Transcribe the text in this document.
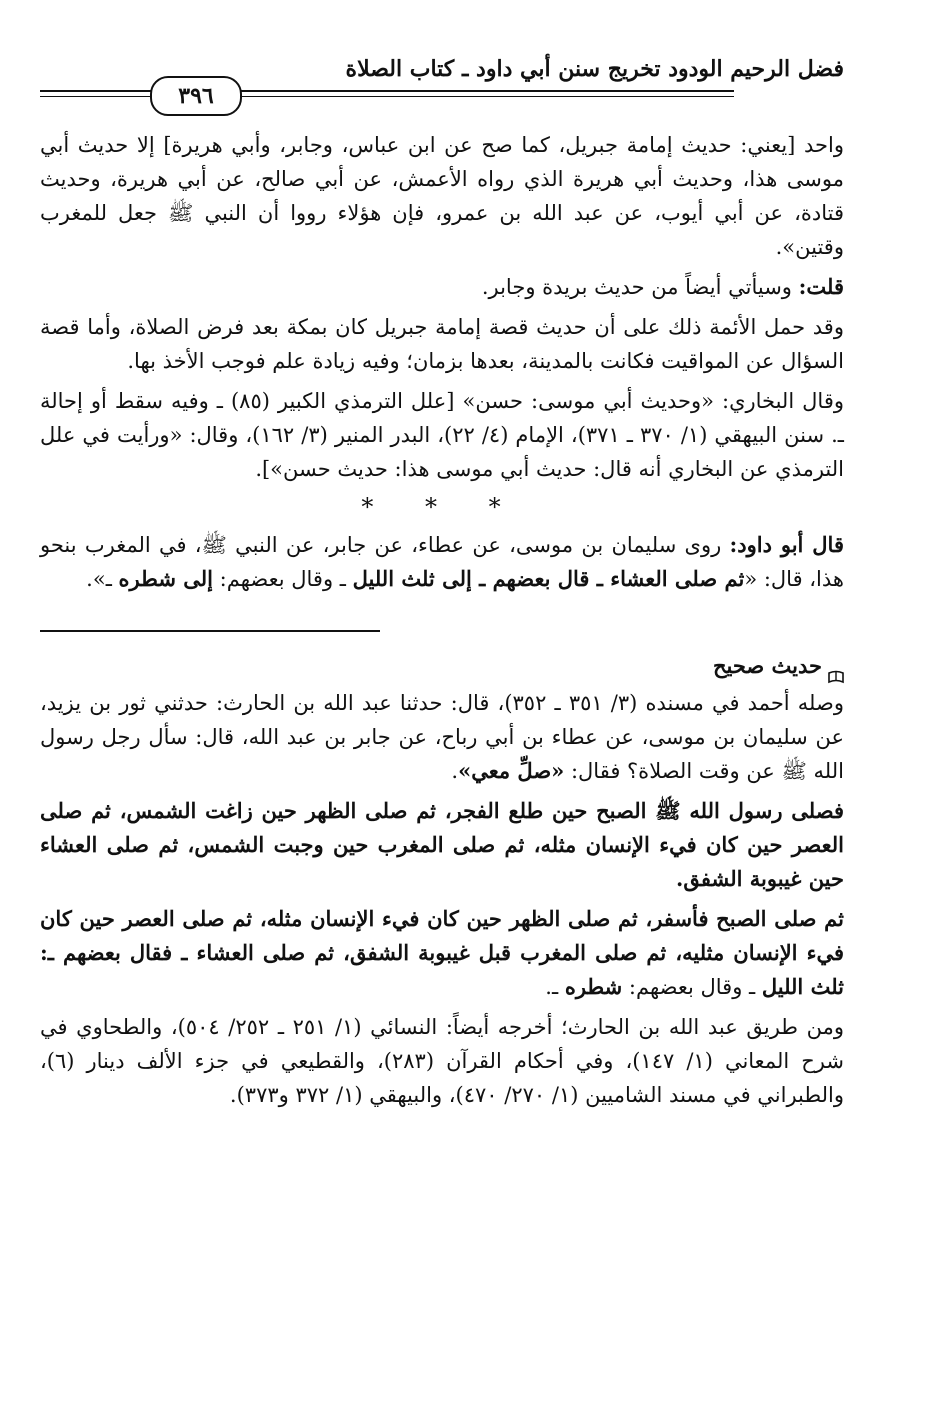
فضل الرحيم الودود تخريج سنن أبي داود ـ كتاب الصلاة
٣٩٦

واحد [يعني: حديث إمامة جبريل، كما صح عن ابن عباس، وجابر، وأبي هريرة] إلا حديث أبي موسى هذا، وحديث أبي هريرة الذي رواه الأعمش، عن أبي صالح، عن أبي هريرة، وحديث قتادة، عن أبي أيوب، عن عبد الله بن عمرو، فإن هؤلاء رووا أن النبي ﷺ جعل للمغرب وقتين».

قلت: وسيأتي أيضاً من حديث بريدة وجابر.

وقد حمل الأئمة ذلك على أن حديث قصة إمامة جبريل كان بمكة بعد فرض الصلاة، وأما قصة السؤال عن المواقيت فكانت بالمدينة، بعدها بزمان؛ وفيه زيادة علم فوجب الأخذ بها.

وقال البخاري: «وحديث أبي موسى: حسن» [علل الترمذي الكبير (٨٥) ـ وفيه سقط أو إحالة ـ. سنن البيهقي (١/ ٣٧٠ ـ ٣٧١)، الإمام (٤/ ٢٢)، البدر المنير (٣/ ١٦٢)، وقال: «ورأيت في علل الترمذي عن البخاري أنه قال: حديث أبي موسى هذا: حديث حسن»].

* * *

قال أبو داود: روى سليمان بن موسى، عن عطاء، عن جابر، عن النبي ﷺ، في المغرب بنحو هذا، قال: «ثم صلى العشاء ـ قال بعضهم ـ إلى ثلث الليل ـ وقال بعضهم: إلى شطره ـ».

حديث صحيح

وصله أحمد في مسنده (٣/ ٣٥١ ـ ٣٥٢)، قال: حدثنا عبد الله بن الحارث: حدثني ثور بن يزيد، عن سليمان بن موسى، عن عطاء بن أبي رباح، عن جابر بن عبد الله، قال: سأل رجل رسول الله ﷺ عن وقت الصلاة؟ فقال: «صلِّ معي».

فصلى رسول الله ﷺ الصبح حين طلع الفجر، ثم صلى الظهر حين زاغت الشمس، ثم صلى العصر حين كان فيء الإنسان مثله، ثم صلى المغرب حين وجبت الشمس، ثم صلى العشاء حين غيبوبة الشفق.

ثم صلى الصبح فأسفر، ثم صلى الظهر حين كان فيء الإنسان مثله، ثم صلى العصر حين كان فيء الإنسان مثليه، ثم صلى المغرب قبل غيبوبة الشفق، ثم صلى العشاء ـ فقال بعضهم ـ: ثلث الليل ـ وقال بعضهم: شطره ـ.

ومن طريق عبد الله بن الحارث؛ أخرجه أيضاً: النسائي (١/ ٢٥١ ـ ٢٥٢/ ٥٠٤)، والطحاوي في شرح المعاني (١/ ١٤٧)، وفي أحكام القرآن (٢٨٣)، والقطيعي في جزء الألف دينار (٦)، والطبراني في مسند الشاميين (١/ ٢٧٠/ ٤٧٠)، والبيهقي (١/ ٣٧٢ و٣٧٣).
